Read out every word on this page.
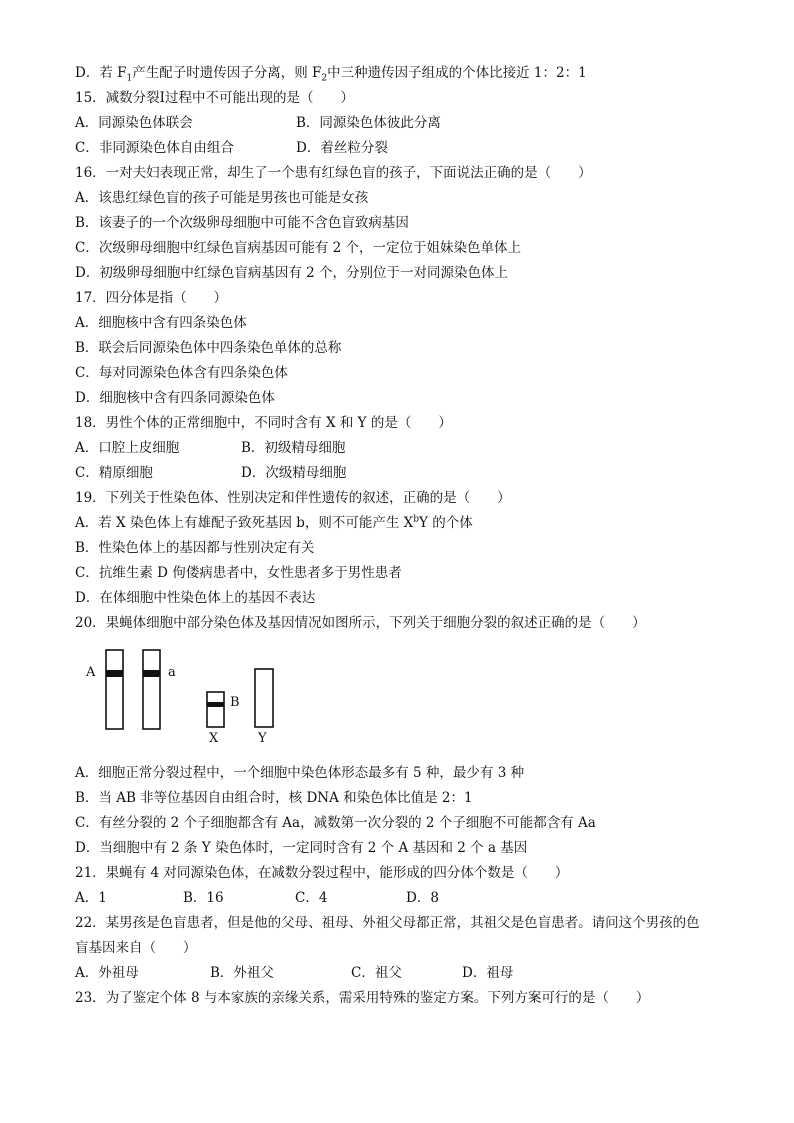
D．若 $F_1$产生配子时遗传因子分离，则 $F_2$中三种遗传因子组成的个体比接近 1：2：1
15．减数分裂Ⅰ过程中不可能出现的是（　　）
A．同源染色体联会	B．同源染色体彼此分离
C．非同源染色体自由组合	D．着丝粒分裂
16．一对夫妇表现正常，却生了一个患有红绿色盲的孩子，下面说法正确的是（　　）
A．该患红绿色盲的孩子可能是男孩也可能是女孩
B．该妻子的一个次级卵母细胞中可能不含色盲致病基因
C．次级卵母细胞中红绿色盲病基因可能有 2 个，一定位于姐妹染色单体上
D．初级卵母细胞中红绿色盲病基因有 2 个，分别位于一对同源染色体上
17．四分体是指（　　）
A．细胞核中含有四条染色体
B．联会后同源染色体中四条染色单体的总称
C．每对同源染色体含有四条染色体
D．细胞核中含有四条同源染色体
18．男性个体的正常细胞中，不同时含有 X 和 Y 的是（　　）
A．口腔上皮细胞	B．初级精母细胞
C．精原细胞	D．次级精母细胞
19．下列关于性染色体、性别决定和伴性遗传的叙述，正确的是（　　）
A．若 X 染色体上有雄配子致死基因 b，则不可能产生 $X^bY$ 的个体
B．性染色体上的基因都与性别决定有关
C．抗维生素 D 佝偻病患者中，女性患者多于男性患者
D．在体细胞中性染色体上的基因不表达
20．果蝇体细胞中部分染色体及基因情况如图所示，下列关于细胞分裂的叙述正确的是（　　）
A	a
B
X	Y
A．细胞正常分裂过程中，一个细胞中染色体形态最多有 5 种，最少有 3 种
B．当 AB 非等位基因自由组合时，核 DNA 和染色体比值是 2：1
C．有丝分裂的 2 个子细胞都含有 Aa，减数第一次分裂的 2 个子细胞不可能都含有 Aa
D．当细胞中有 2 条 Y 染色体时，一定同时含有 2 个 A 基因和 2 个 a 基因
21．果蝇有 4 对同源染色体，在减数分裂过程中，能形成的四分体个数是（　　）
A．1	B．16	C．4	D．8
22．某男孩是色盲患者，但是他的父母、祖母、外祖父母都正常，其祖父是色盲患者。请问这个男孩的色
盲基因来自（　　）
A．外祖母	B．外祖父	C．祖父	D．祖母
23．为了鉴定个体 8 与本家族的亲缘关系，需采用特殊的鉴定方案。下列方案可行的是（　　）
